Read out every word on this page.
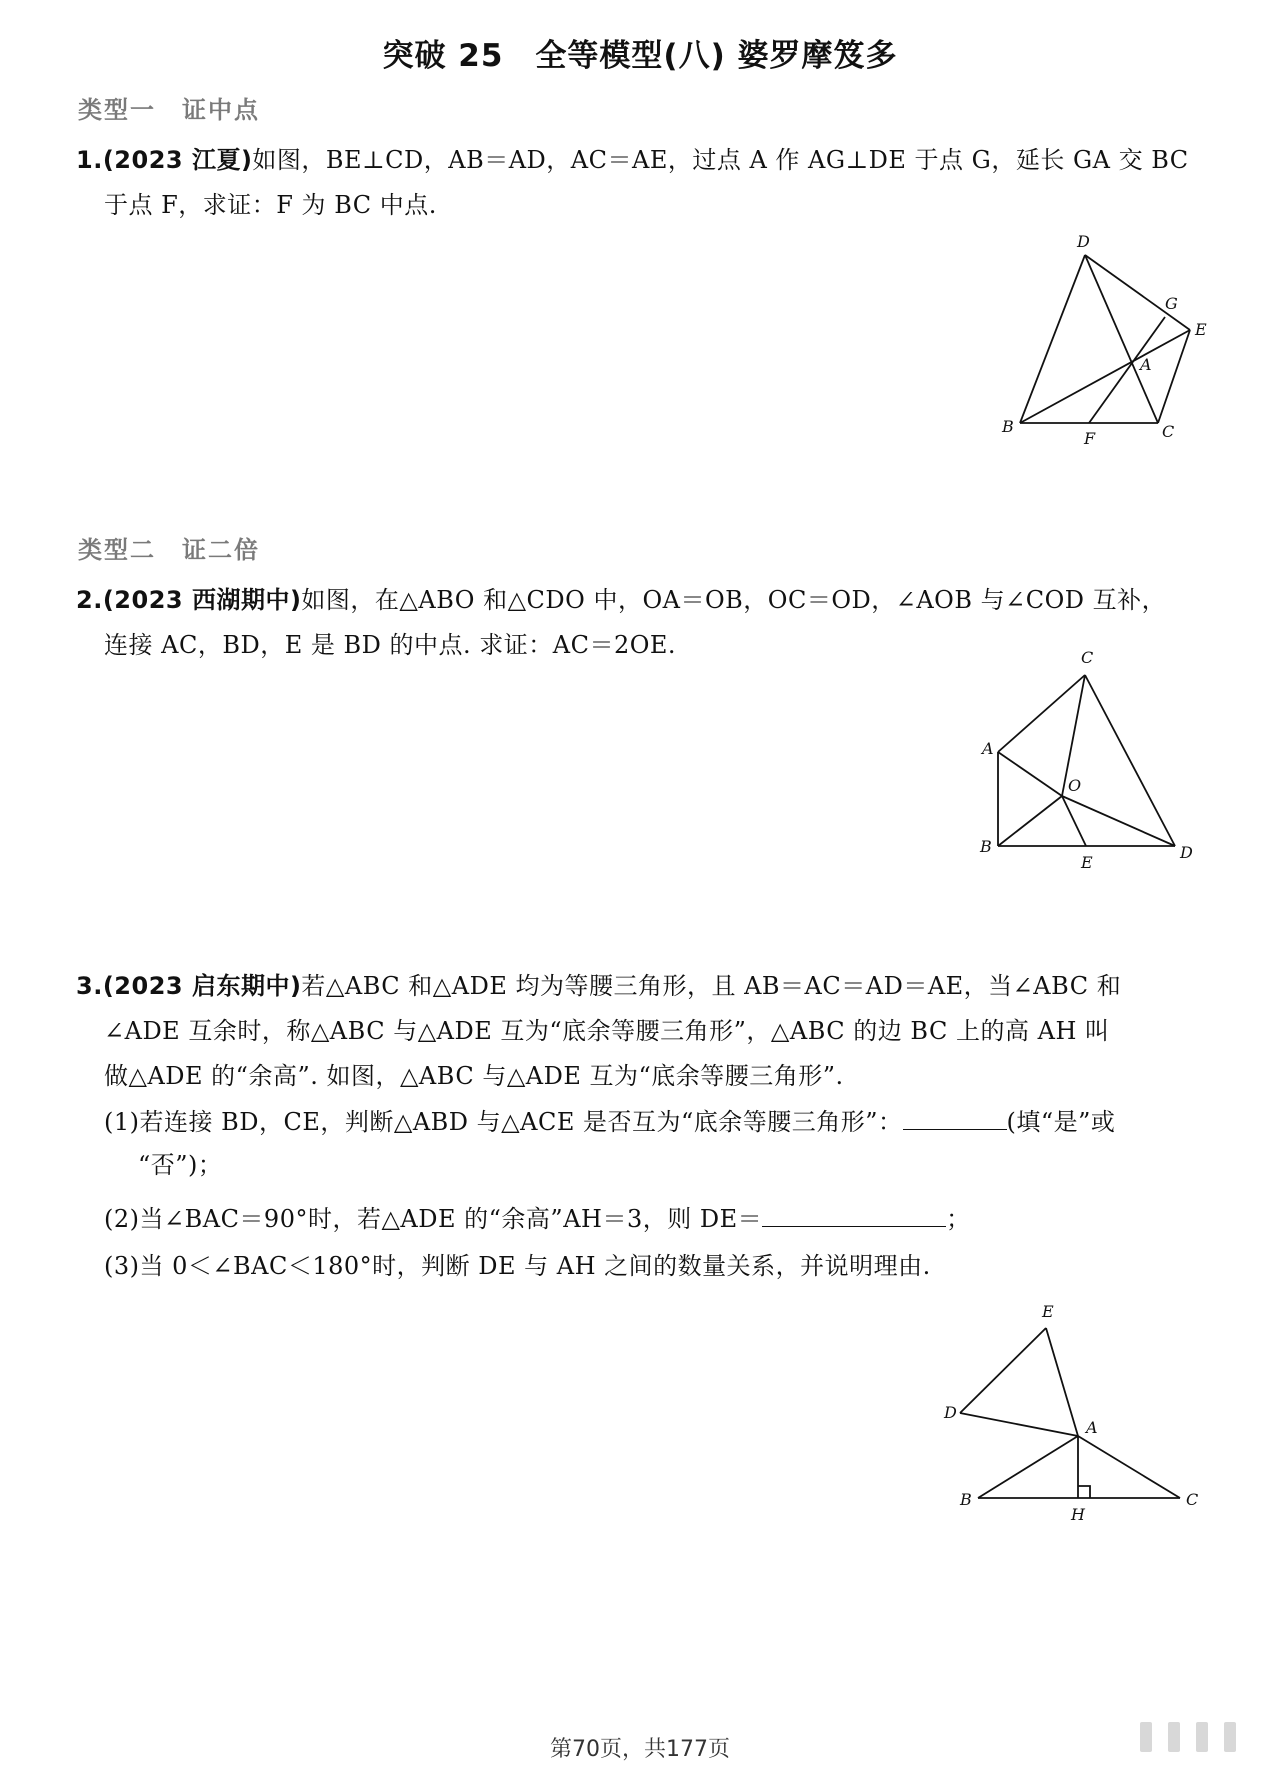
突破 25　全等模型(八) 婆罗摩笈多
类型一　证中点
1.(2023 江夏)如图，BE⊥CD，AB＝AD，AC＝AE，过点 A 作 AG⊥DE 于点 G，延长 GA 交 BC
于点 F，求证：F 为 BC 中点.
D
G
E
A
B
F	C
类型二　证二倍
2.(2023 西湖期中)如图，在△ABO 和△CDO 中，OA＝OB，OC＝OD，∠AOB 与∠COD 互补，
连接 AC，BD，E 是 BD 的中点. 求证：AC＝2OE.	C
A
O
B
E
D
3.(2023 启东期中)若△ABC 和△ADE 均为等腰三角形，且 AB＝AC＝AD＝AE，当∠ABC 和
∠ADE 互余时，称△ABC 与△ADE 互为“底余等腰三角形”，△ABC 的边 BC 上的高 AH 叫
做△ADE 的“余高”. 如图，△ABC 与△ADE 互为“底余等腰三角形”.
(1)若连接 BD，CE，判断△ABD 与△ACE 是否互为“底余等腰三角形”：	(填“是”或
“否”)；
(2)当∠BAC＝90°时，若△ADE 的“余高”AH＝3，则 DE＝	；
(3)当 0＜∠BAC＜180°时，判断 DE 与 AH 之间的数量关系，并说明理由.
E
D
A
B
H
C
第70页，共177页
